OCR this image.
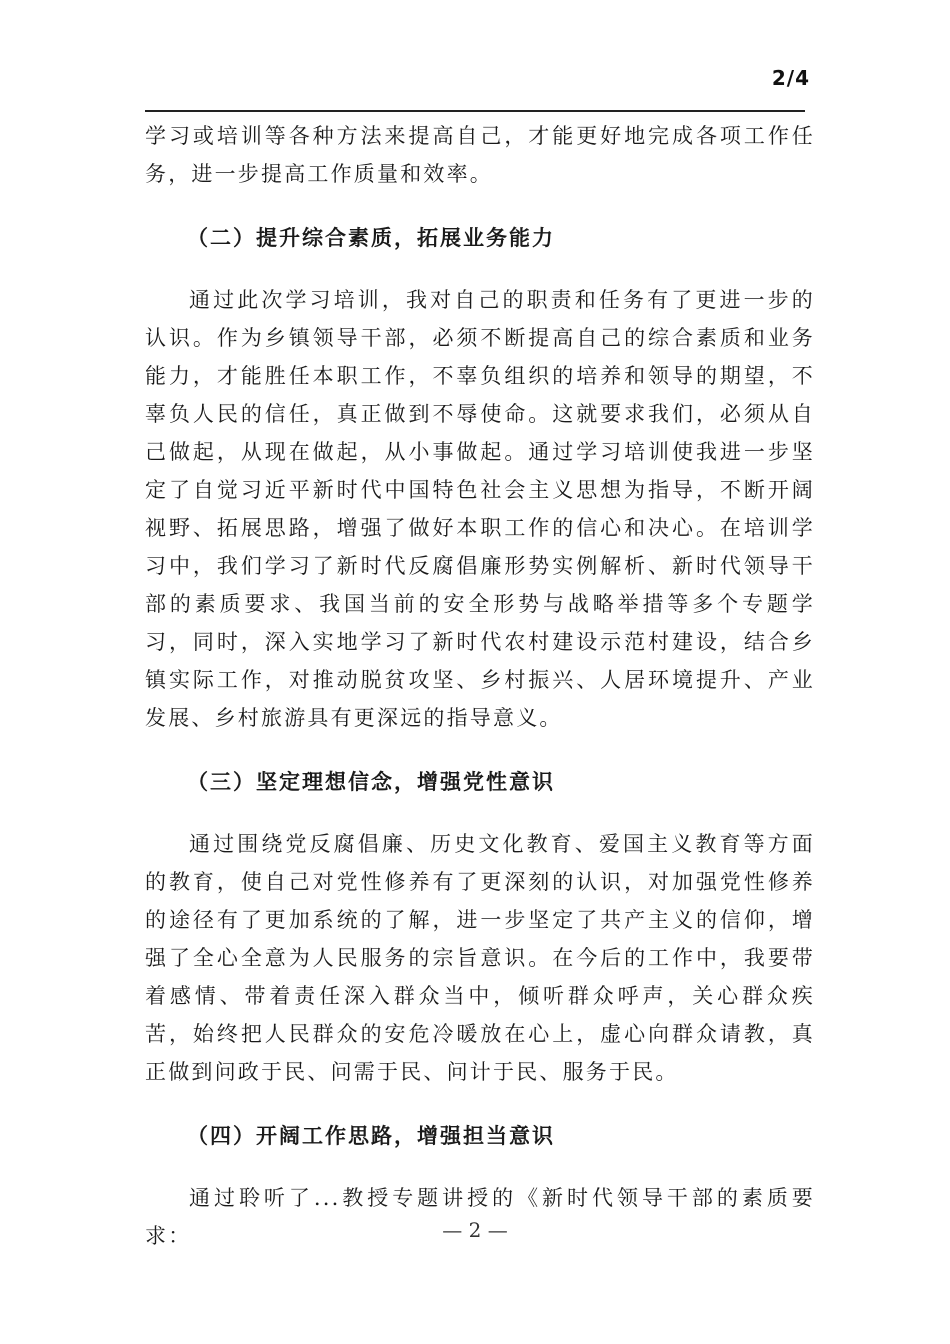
2/4

学习或培训等各种方法来提高自己，才能更好地完成各项工作任务，进一步提高工作质量和效率。

（二）提升综合素质，拓展业务能力

通过此次学习培训，我对自己的职责和任务有了更进一步的认识。作为乡镇领导干部，必须不断提高自己的综合素质和业务能力，才能胜任本职工作，不辜负组织的培养和领导的期望，不辜负人民的信任，真正做到不辱使命。这就要求我们，必须从自己做起，从现在做起，从小事做起。通过学习培训使我进一步坚定了自觉习近平新时代中国特色社会主义思想为指导，不断开阔视野、拓展思路，增强了做好本职工作的信心和决心。在培训学习中，我们学习了新时代反腐倡廉形势实例解析、新时代领导干部的素质要求、我国当前的安全形势与战略举措等多个专题学习，同时，深入实地学习了新时代农村建设示范村建设，结合乡镇实际工作，对推动脱贫攻坚、乡村振兴、人居环境提升、产业发展、乡村旅游具有更深远的指导意义。

（三）坚定理想信念，增强党性意识

通过围绕党反腐倡廉、历史文化教育、爱国主义教育等方面的教育，使自己对党性修养有了更深刻的认识，对加强党性修养的途径有了更加系统的了解，进一步坚定了共产主义的信仰，增强了全心全意为人民服务的宗旨意识。在今后的工作中，我要带着感情、带着责任深入群众当中，倾听群众呼声，关心群众疾苦，始终把人民群众的安危冷暖放在心上，虚心向群众请教，真正做到问政于民、问需于民、问计于民、服务于民。

（四）开阔工作思路，增强担当意识

通过聆听了...教授专题讲授的《新时代领导干部的素质要求：	— 2 —
